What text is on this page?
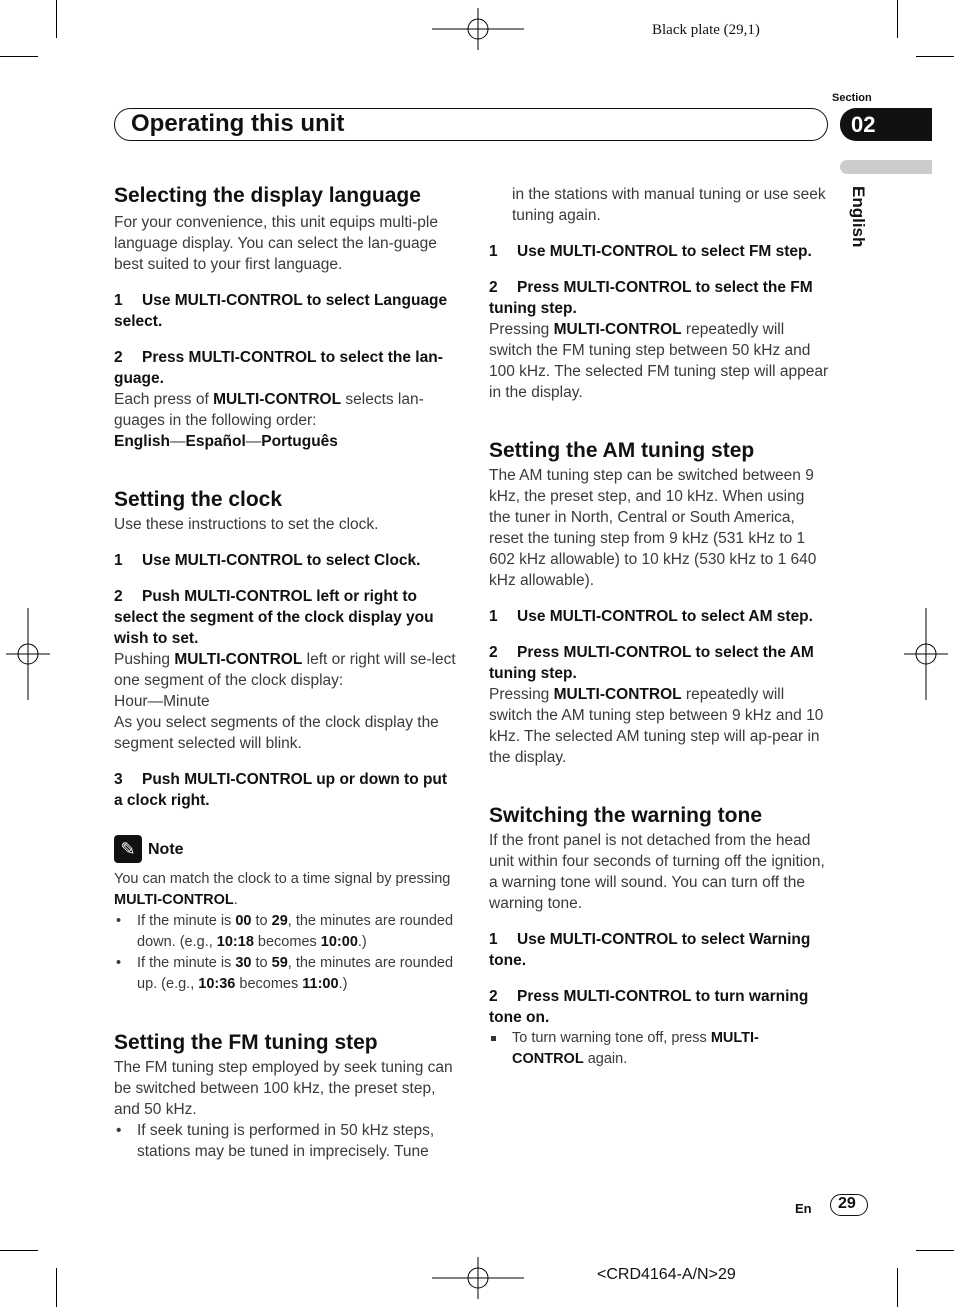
Black plate (29,1)
Operating this unit
Section
02
English
Selecting the display language

For your convenience, this unit equips multi-ple language display. You can select the lan-guage best suited to your first language.

1 Use MULTI-CONTROL to select Language select.

2 Press MULTI-CONTROL to select the lan-guage.

Each press of MULTI-CONTROL selects lan-guages in the following order:

English—Español—Português

Setting the clock

Use these instructions to set the clock.

1 Use MULTI-CONTROL to select Clock.

2 Push MULTI-CONTROL left or right to select the segment of the clock display you wish to set.

Pushing MULTI-CONTROL left or right will se-lect one segment of the clock display:

Hour—Minute

As you select segments of the clock display the segment selected will blink.

3 Push MULTI-CONTROL up or down to put a clock right.

✎ Note

You can match the clock to a time signal by pressing MULTI-CONTROL.

• If the minute is 00 to 29, the minutes are rounded down. (e.g., 10:18 becomes 10:00.)

• If the minute is 30 to 59, the minutes are rounded up. (e.g., 10:36 becomes 11:00.)

Setting the FM tuning step

The FM tuning step employed by seek tuning can be switched between 100 kHz, the preset step, and 50 kHz.

• If seek tuning is performed in 50 kHz steps, stations may be tuned in imprecisely. Tune

in the stations with manual tuning or use seek tuning again.

1 Use MULTI-CONTROL to select FM step.

2 Press MULTI-CONTROL to select the FM tuning step.

Pressing MULTI-CONTROL repeatedly will switch the FM tuning step between 50 kHz and 100 kHz. The selected FM tuning step will appear in the display.

Setting the AM tuning step

The AM tuning step can be switched between 9 kHz, the preset step, and 10 kHz. When using the tuner in North, Central or South America, reset the tuning step from 9 kHz (531 kHz to 1 602 kHz allowable) to 10 kHz (530 kHz to 1 640 kHz allowable).

1 Use MULTI-CONTROL to select AM step.

2 Press MULTI-CONTROL to select the AM tuning step.

Pressing MULTI-CONTROL repeatedly will switch the AM tuning step between 9 kHz and 10 kHz. The selected AM tuning step will ap-pear in the display.

Switching the warning tone

If the front panel is not detached from the head unit within four seconds of turning off the ignition, a warning tone will sound. You can turn off the warning tone.

1 Use MULTI-CONTROL to select Warning tone.

2 Press MULTI-CONTROL to turn warning tone on.

To turn warning tone off, press MULTI-CONTROL again.

En 29
<CRD4164-A/N>29
